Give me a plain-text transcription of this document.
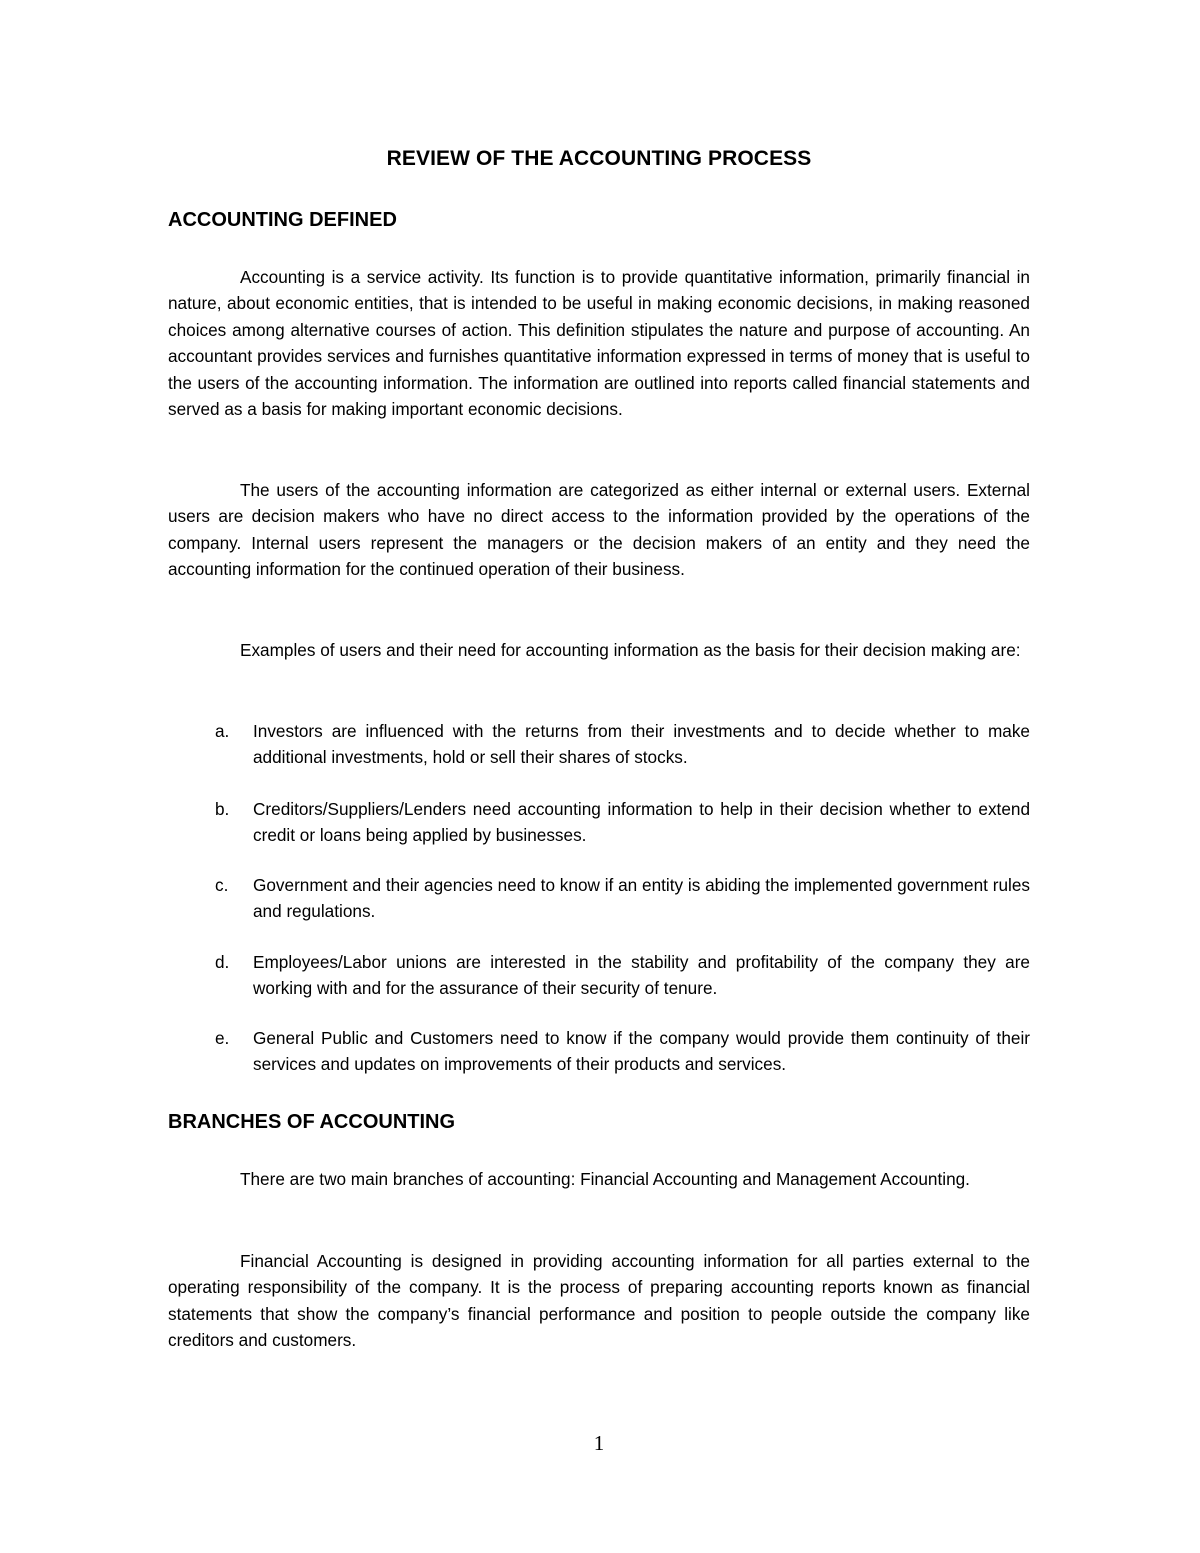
REVIEW OF THE ACCOUNTING PROCESS
ACCOUNTING DEFINED

Accounting is a service activity. Its function is to provide quantitative information, primarily financial in nature, about economic entities, that is intended to be useful in making economic decisions, in making reasoned choices among alternative courses of action. This definition stipulates the nature and purpose of accounting. An accountant provides services and furnishes quantitative information expressed in terms of money that is useful to the users of the accounting information. The information are outlined into reports called financial statements and served as a basis for making important economic decisions.

The users of the accounting information are categorized as either internal or external users. External users are decision makers who have no direct access to the information provided by the operations of the company. Internal users represent the managers or the decision makers of an entity and they need the accounting information for the continued operation of their business.

Examples of users and their need for accounting information as the basis for their decision making are:

a.	Investors are influenced with the returns from their investments and to decide whether to make additional investments, hold or sell their shares of stocks.
b.	Creditors/Suppliers/Lenders need accounting information to help in their decision whether to extend credit or loans being applied by businesses.
c.	Government and their agencies need to know if an entity is abiding the implemented government rules and regulations.
d.	Employees/Labor unions are interested in the stability and profitability of the company they are working with and for the assurance of their security of tenure.
e.	General Public and Customers need to know if the company would provide them continuity of their services and updates on improvements of their products and services.
BRANCHES OF ACCOUNTING

There are two main branches of accounting: Financial Accounting and Management Accounting.

Financial Accounting is designed in providing accounting information for all parties external to the operating responsibility of the company. It is the process of preparing accounting reports known as financial statements that show the company’s financial performance and position to people outside the company like creditors and customers.

1
